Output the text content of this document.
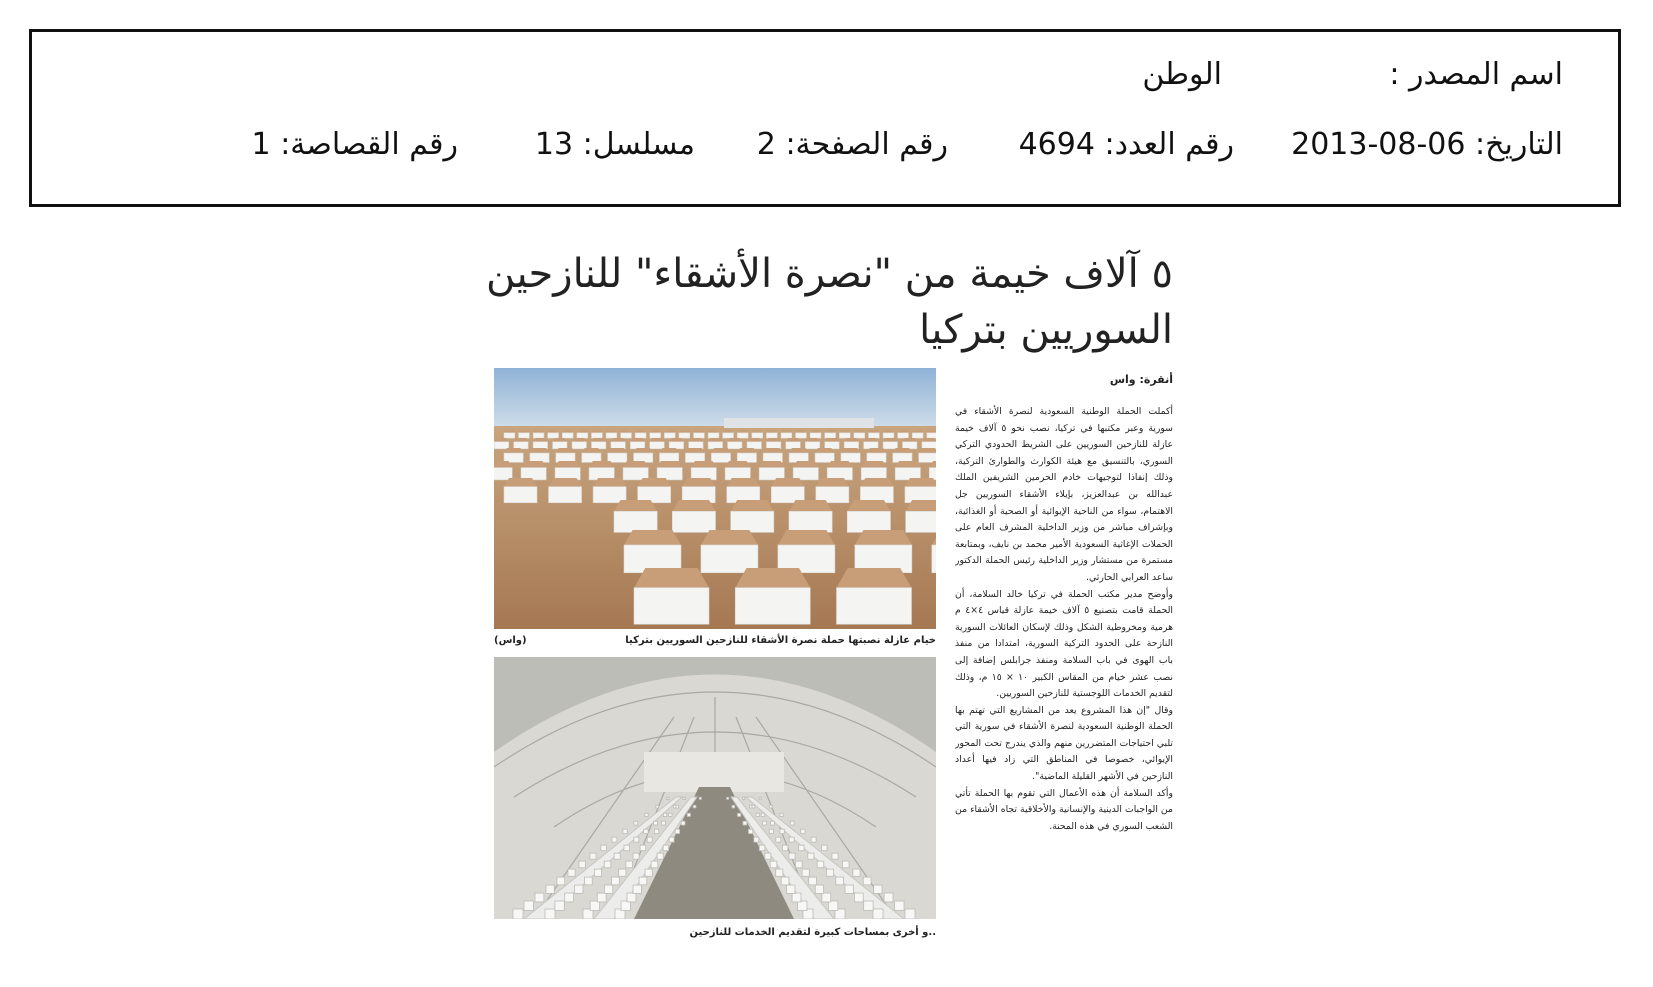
اسم المصدر :
الوطن
التاريخ: 2013-08-06
رقم العدد: 4694
رقم الصفحة: 2
مسلسل: 13
رقم القصاصة: 1
٥ آلاف خيمة من "نصرة الأشقاء" للنازحين
السوريين بتركيا
خيام عازلة نصبتها حملة نصرة الأشقاء للنازحين السوريين بتركيا
(واس)
..و أخرى بمساحات كبيرة لتقديم الخدمات للنازحين
أنقرة: واس

أكملت الحملة الوطنية السعودية لنصرة الأشقاء في سورية وعبر مكتبها في تركيا، نصب نحو ٥ آلاف خيمة عازلة للنازحين السوريين على الشريط الحدودي التركي السوري، بالتنسيق مع هيئة الكوارث والطوارئ التركية، وذلك إنفاذا لتوجيهات خادم الحرمين الشريفين الملك عبدالله بن عبدالعزيز، بإيلاء الأشقاء السوريين جل الاهتمام، سواء من الناحية الإيوائية أو الصحية أو الغذائية، وبإشراف مباشر من وزير الداخلية المشرف العام على الحملات الإغاثية السعودية الأمير محمد بن نايف، وبمتابعة مستمرة من مستشار وزير الداخلية رئيس الحملة الدكتور ساعد العرابي الحارثي.

وأوضح مدير مكتب الحملة في تركيا خالد السلامة، أن الحملة قامت بتصنيع ٥ آلاف خيمة عازلة قياس ٤×٤ م هرمية ومخروطية الشكل وذلك لإسكان العائلات السورية النازحة على الحدود التركية السورية، امتدادا من منفذ باب الهوى في باب السلامة ومنفذ جرابلس إضافة إلى نصب عشر خيام من المقاس الكبير ١٠ × ١٥ م، وذلك لتقديم الخدمات اللوجستية للنازحين السوريين.

وقال "إن هذا المشروع يعد من المشاريع التي تهتم بها الحملة الوطنية السعودية لنصرة الأشقاء في سورية التي تلبي احتياجات المتضررين منهم والذي يندرج تحت المحور الإيوائي، خصوصا في المناطق التي زاد فيها أعداد النازحين في الأشهر القليلة الماضية".

وأكد السلامة أن هذه الأعمال التي تقوم بها الحملة تأتي من الواجبات الدينية والإنسانية والأخلاقية تجاه الأشقاء من الشعب السوري في هذه المحنة.
